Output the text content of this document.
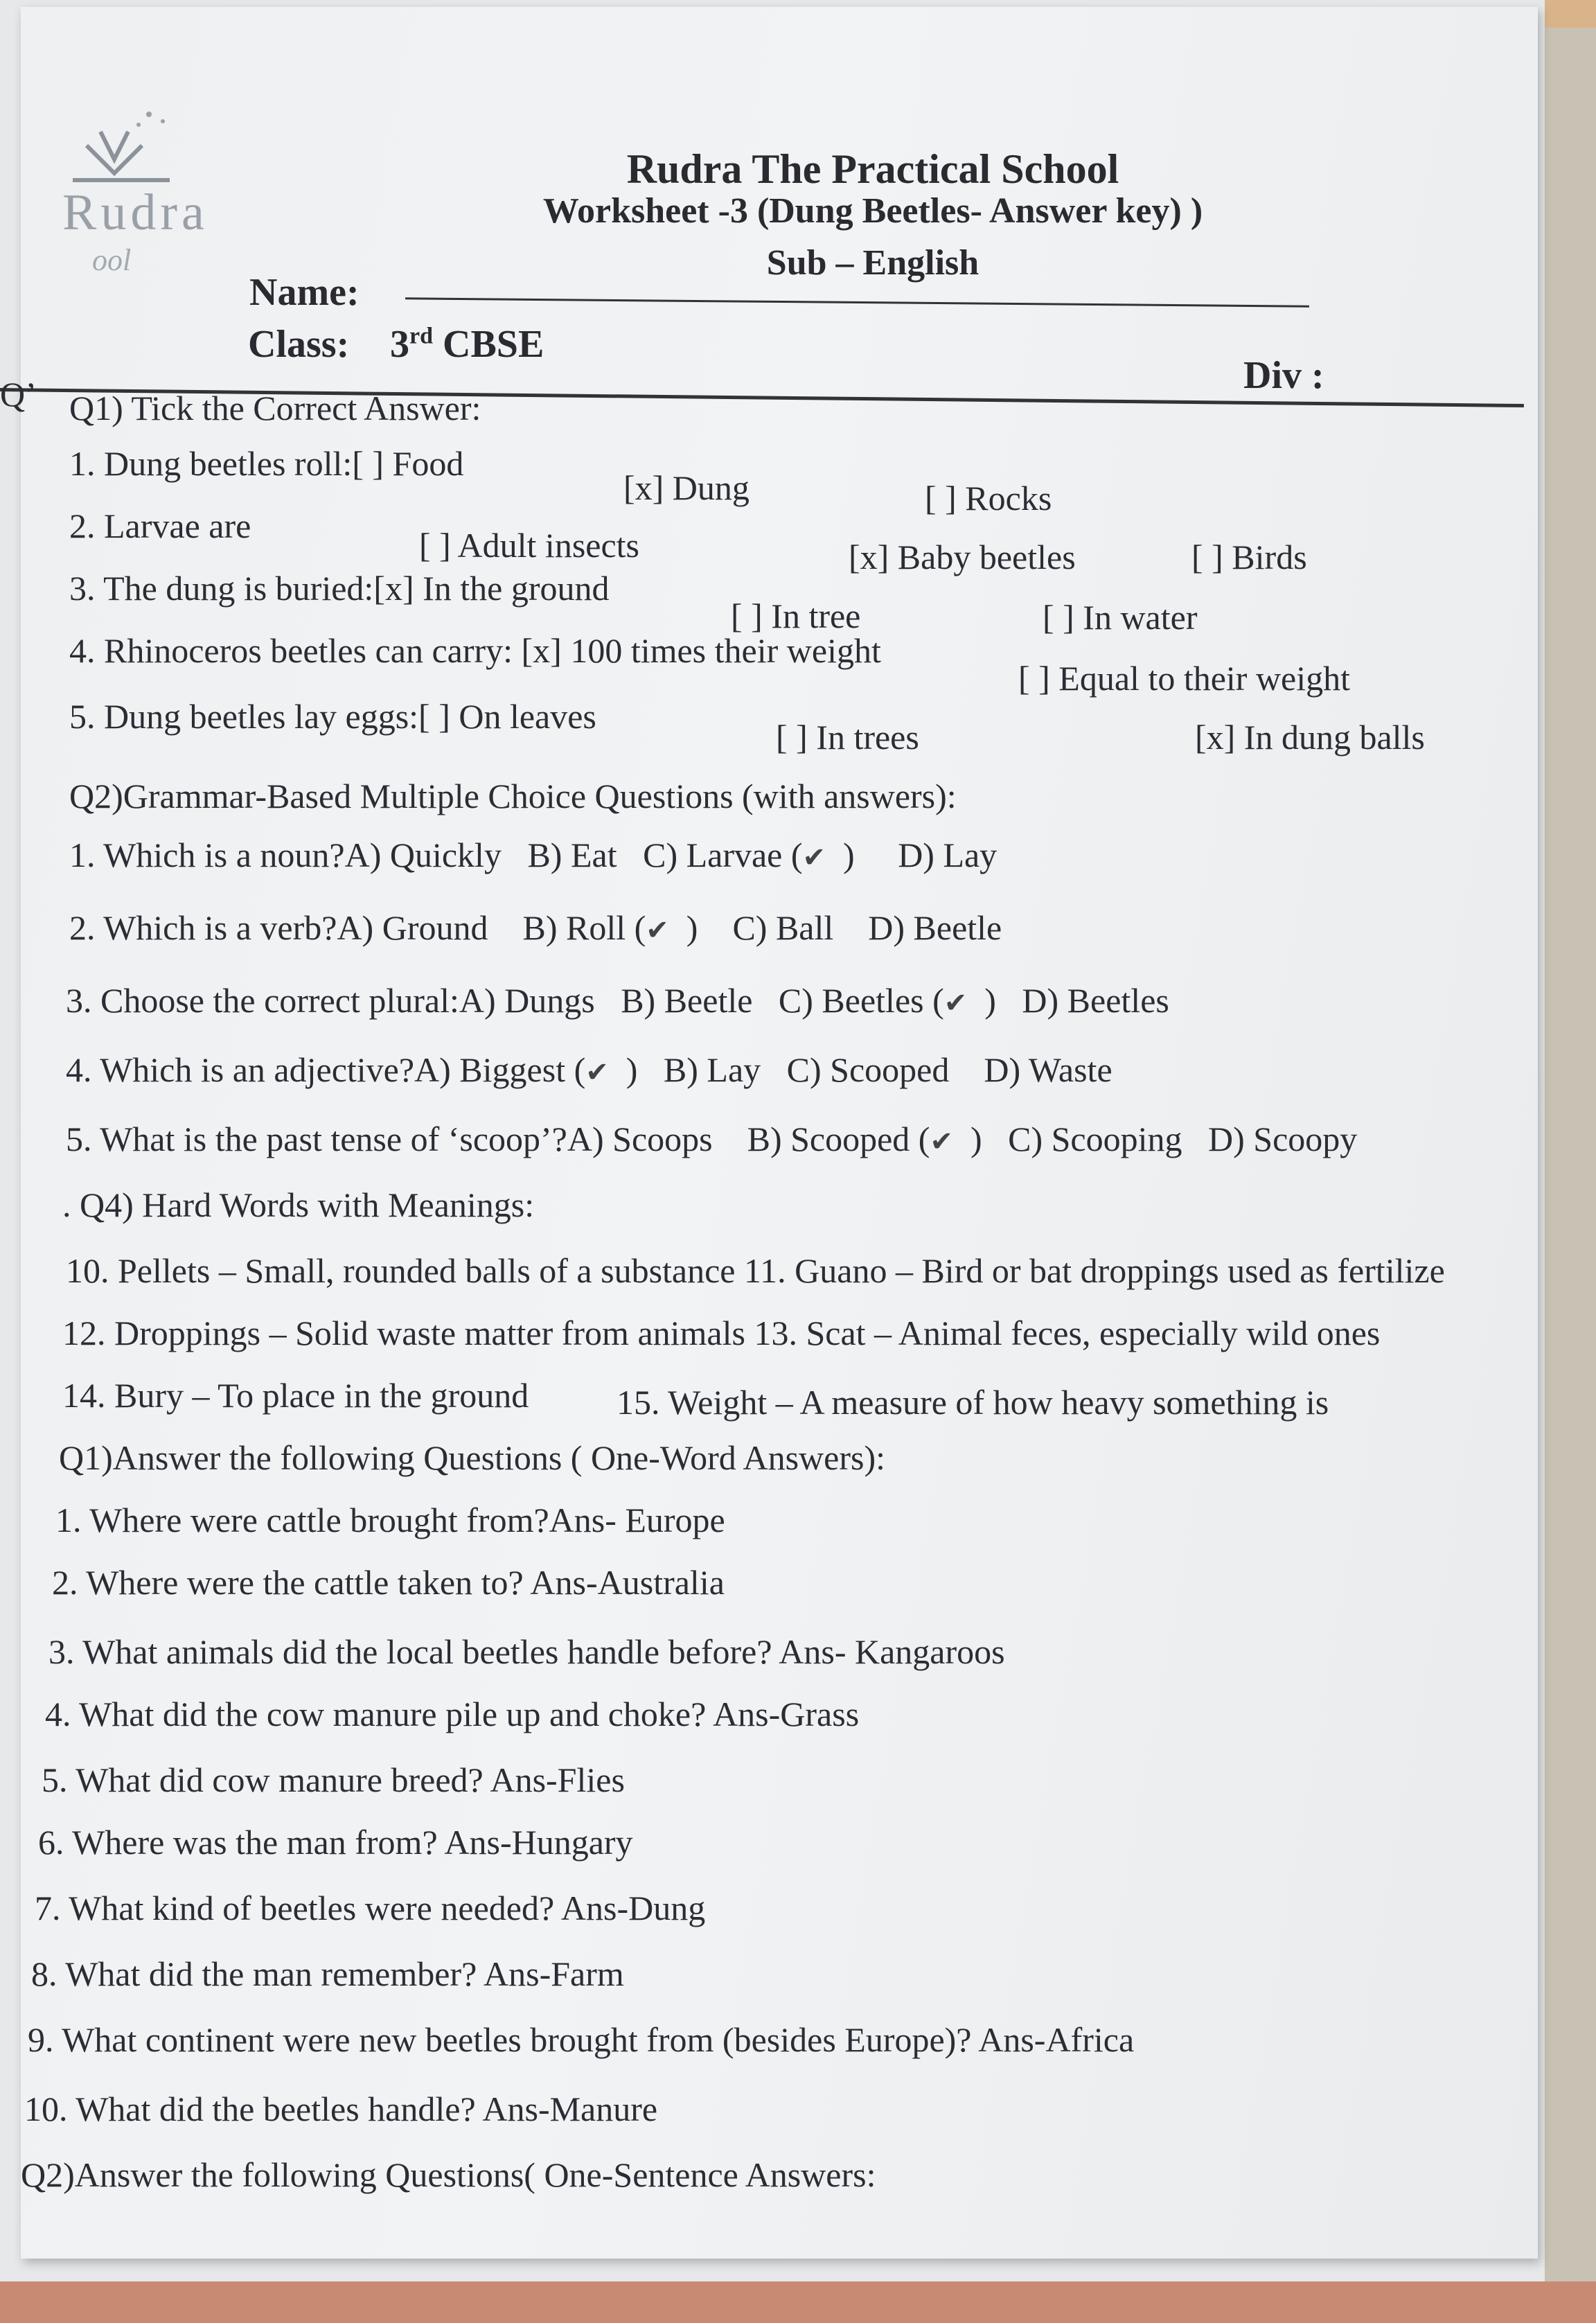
Rudra
ool
Rudra The Practical School
Worksheet -3 (Dung Beetles- Answer key) )
Sub – English
Name:
Class: 3rd CBSE
Div :
Q’ Q1) Tick the Correct Answer:
1. Dung beetles roll:[ ] Food
[x] Dung	[ ] Rocks
2. Larvae are	[ ] Adult insects	[x] Baby beetles	[ ] Birds
3. The dung is buried:[x] In the ground
[ ] In tree	[ ] In water
4. Rhinoceros beetles can carry: [x] 100 times their weight
[ ] Equal to their weight
5. Dung beetles lay eggs:[ ] On leaves
[ ] In trees	[x] In dung balls
Q2)Grammar-Based Multiple Choice Questions (with answers):
1. Which is a noun?A) Quickly B) Eat C) Larvae (✔ ) D) Lay
2. Which is a verb?A) Ground B) Roll (✔ ) C) Ball D) Beetle
3. Choose the correct plural:A) Dungs B) Beetle C) Beetles (✔ ) D) Beetles
4. Which is an adjective?A) Biggest (✔ ) B) Lay C) Scooped D) Waste
5. What is the past tense of ‘scoop’?A) Scoops B) Scooped (✔ ) C) Scooping D) Scoopy
. Q4) Hard Words with Meanings:
10. Pellets – Small, rounded balls of a substance 11. Guano – Bird or bat droppings used as fertilize
12. Droppings – Solid waste matter from animals 13. Scat – Animal feces, especially wild ones
14. Bury – To place in the ground	15. Weight – A measure of how heavy something is
Q1)Answer the following Questions ( One-Word Answers):
1. Where were cattle brought from?Ans- Europe
2. Where were the cattle taken to? Ans-Australia
3. What animals did the local beetles handle before? Ans- Kangaroos
4. What did the cow manure pile up and choke? Ans-Grass
5. What did cow manure breed? Ans-Flies
6. Where was the man from? Ans-Hungary
7. What kind of beetles were needed? Ans-Dung
8. What did the man remember? Ans-Farm
9. What continent were new beetles brought from (besides Europe)? Ans-Africa
10. What did the beetles handle? Ans-Manure
Q2)Answer the following Questions( One-Sentence Answers:
